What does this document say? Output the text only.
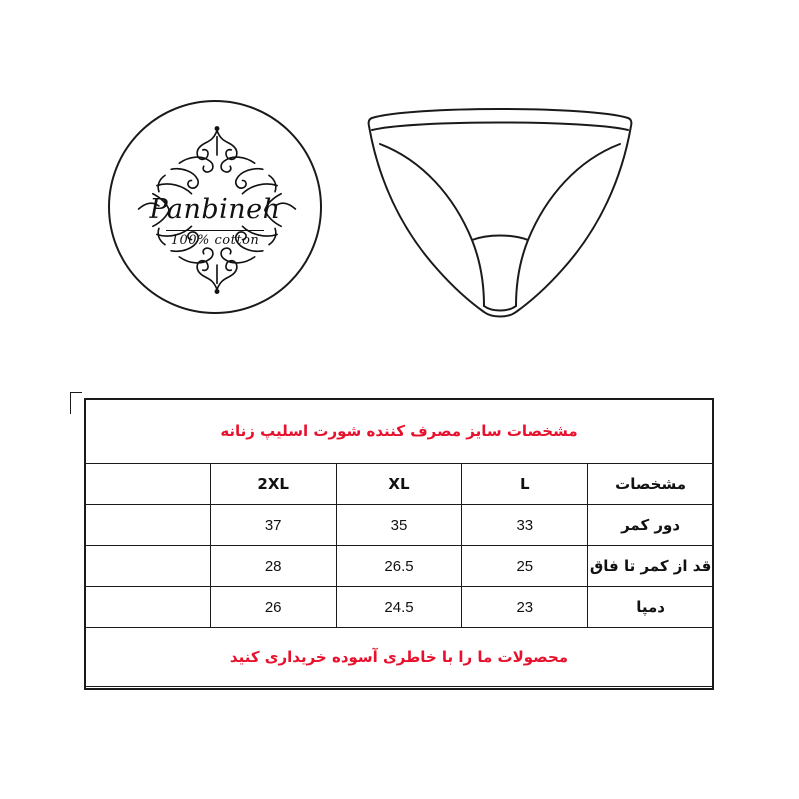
Panbineh
100% cotton
مشخصات سایز مصرف کننده شورت اسلیپ زنانه				
	2XL	XL	L	مشخصات
	37	35	33	دور کمر
	28	26.5	25	قد از کمر تا فاق
	26	24.5	23	دمپا
محصولات ما را با خاطری آسوده خریداری کنید				
